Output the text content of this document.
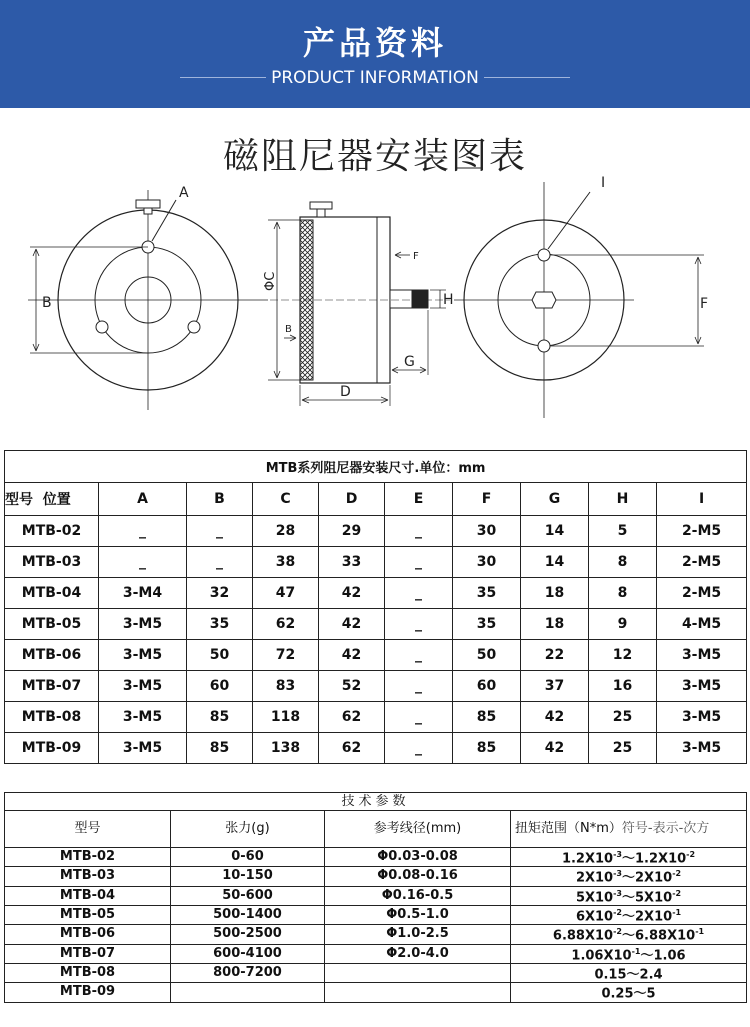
产品资料
PRODUCT INFORMATION
磁阻尼器安装图表
A
B
ΦC
D
F
H	F
G
B
I
MTB系列阻尼器安装尺寸.单位：mm									
型号  位置	A	B	C	D	E	F	G	H	I
MTB-02	_	_	28	29	_	30	14	5	2-M5
MTB-03	_	_	38	33	_	30	14	8	2-M5
MTB-04	3-M4	32	47	42	_	35	18	8	2-M5
MTB-05	3-M5	35	62	42	_	35	18	9	4-M5
MTB-06	3-M5	50	72	42	_	50	22	12	3-M5
MTB-07	3-M5	60	83	52	_	60	37	16	3-M5
MTB-08	3-M5	85	118	62	_	85	42	25	3-M5
MTB-09	3-M5	85	138	62	_	85	42	25	3-M5
技术参数			
型号	张力(g)	参考线径(mm)	扭矩范围（N*m）符号-表示-次方
MTB-02	0-60	Φ0.03-0.08	$1.2X10^{-3}\sim 1.2X10^{-2}$
MTB-03	10-150	Φ0.08-0.16	$2X10^{-3}\sim 2X10^{-2}$
MTB-04	50-600	Φ0.16-0.5	$5X10^{-3}\sim 5X10^{-2}$
MTB-05	500-1400	Φ0.5-1.0	$6X10^{-2}\sim 2X10^{-1}$
MTB-06	500-2500	Φ1.0-2.5	$6.88X10^{-2}\sim 6.88X10^{-1}$
MTB-07	600-4100	Φ2.0-4.0	$1.06X10^{-1}\sim 1.06$
MTB-08	800-7200		0.15～2.4
MTB-09			0.25～5
